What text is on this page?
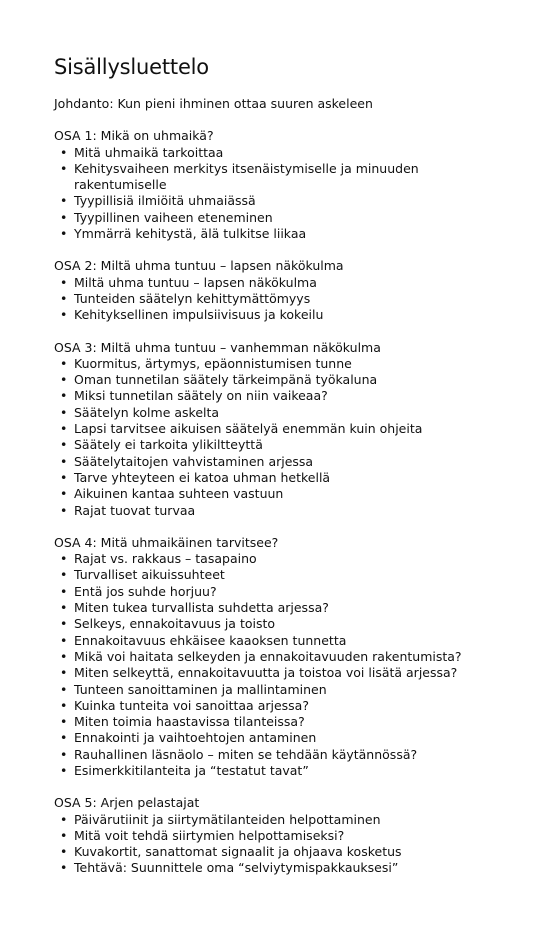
Sisällysluettelo
Johdanto: Kun pieni ihminen ottaa suuren askeleen
OSA 1: Mikä on uhmaikä?
• Mitä uhmaikä tarkoittaa
• Kehitysvaiheen merkitys itsenäistymiselle ja minuuden rakentumiselle
• Tyypillisiä ilmiöitä uhmaiässä
• Tyypillinen vaiheen eteneminen
• Ymmärrä kehitystä, älä tulkitse liikaa
OSA 2: Miltä uhma tuntuu – lapsen näkökulma
• Miltä uhma tuntuu – lapsen näkökulma
• Tunteiden säätelyn kehittymättömyys
• Kehityksellinen impulsiivisuus ja kokeilu
OSA 3: Miltä uhma tuntuu – vanhemman näkökulma
• Kuormitus, ärtymys, epäonnistumisen tunne
• Oman tunnetilan säätely tärkeimpänä työkaluna
• Miksi tunnetilan säätely on niin vaikeaa?
• Säätelyn kolme askelta
• Lapsi tarvitsee aikuisen säätelyä enemmän kuin ohjeita
• Säätely ei tarkoita ylikiltteyttä
• Säätelytaitojen vahvistaminen arjessa
• Tarve yhteyteen ei katoa uhman hetkellä
• Aikuinen kantaa suhteen vastuun
• Rajat tuovat turvaa
OSA 4: Mitä uhmaikäinen tarvitsee?
• Rajat vs. rakkaus – tasapaino
• Turvalliset aikuissuhteet
• Entä jos suhde horjuu?
• Miten tukea turvallista suhdetta arjessa?
• Selkeys, ennakoitavuus ja toisto
• Ennakoitavuus ehkäisee kaaoksen tunnetta
• Mikä voi haitata selkeyden ja ennakoitavuuden rakentumista?
• Miten selkeyttä, ennakoitavuutta ja toistoa voi lisätä arjessa?
• Tunteen sanoittaminen ja mallintaminen
• Kuinka tunteita voi sanoittaa arjessa?
• Miten toimia haastavissa tilanteissa?
• Ennakointi ja vaihtoehtojen antaminen
• Rauhallinen läsnäolo – miten se tehdään käytännössä?
• Esimerkkitilanteita ja “testatut tavat”
OSA 5: Arjen pelastajat
• Päivärutiinit ja siirtymätilanteiden helpottaminen
• Mitä voit tehdä siirtymien helpottamiseksi?
• Kuvakortit, sanattomat signaalit ja ohjaava kosketus
• Tehtävä: Suunnittele oma “selviytymispakkauksesi”
